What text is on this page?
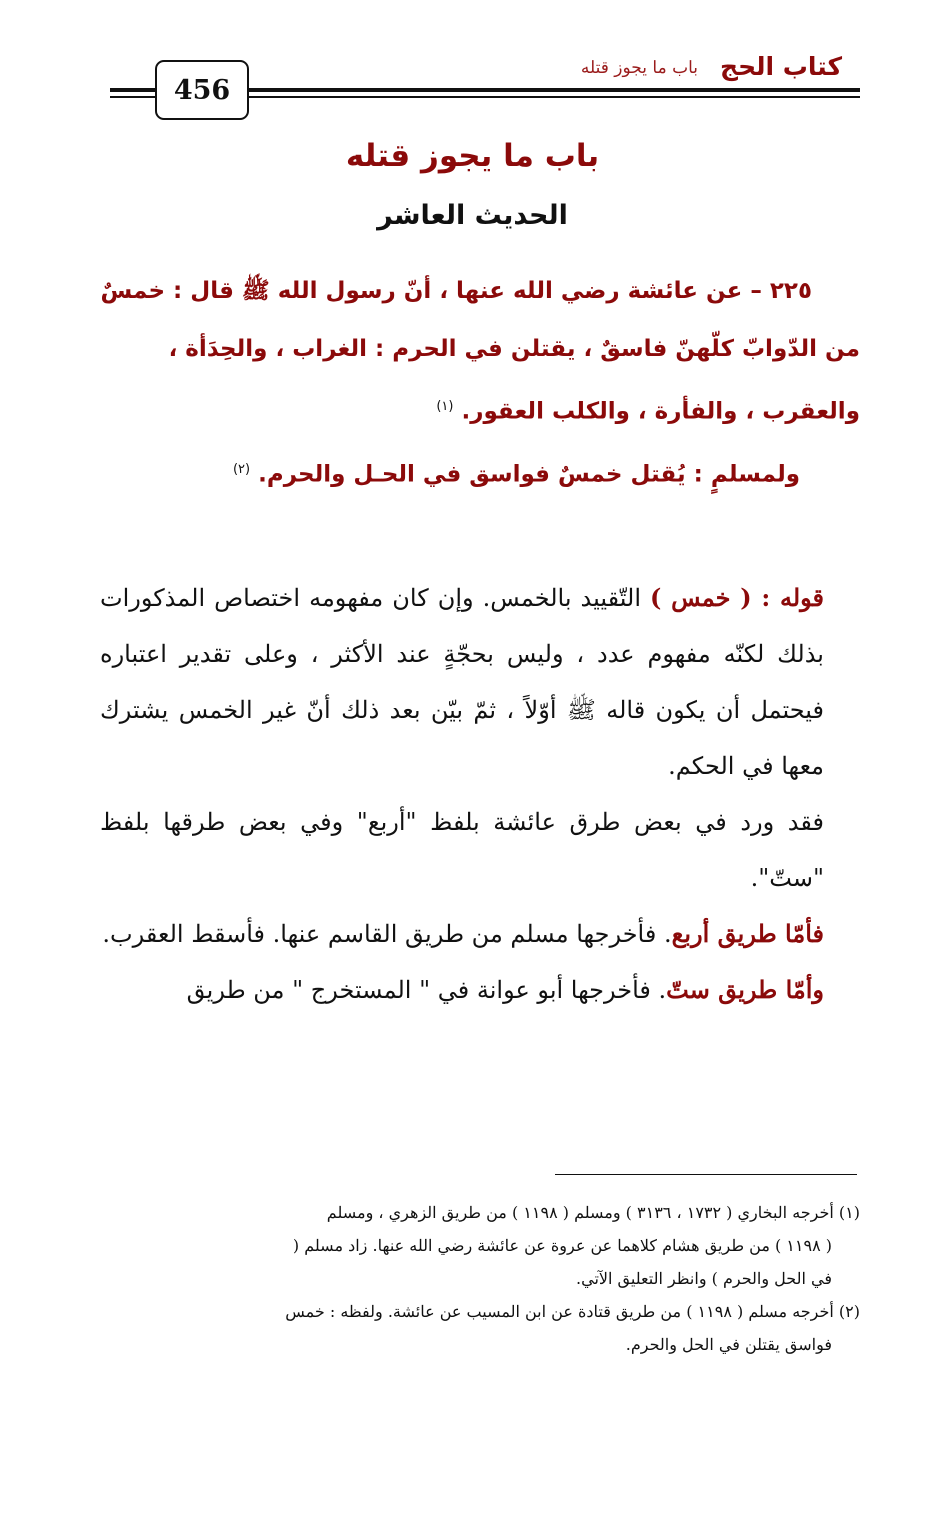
كتاب الحج
باب ما يجوز قتله
456
باب ما يجوز قتله
الحديث العاشر

٢٢٥ – عن عائشة رضي الله عنها ، أنّ رسول الله ﷺ قال : خمسٌ

من الدّوابّ كلّهنّ فاسقٌ ، يقتلن في الحرم : الغراب ، والحِدَأة ،

والعقرب ، والفأرة ، والكلب العقور. $^{(١)}$

ولمسلمٍ : يُقتل خمسٌ فواسق في الحـل والحرم. $^{(٢)}$

قوله : ( خمس ) التّقييد بالخمس. وإن كان مفهومه اختصاص المذكورات بذلك لكنّه مفهوم عدد ، وليس بحجّةٍ عند الأكثر ، وعلى تقدير اعتباره فيحتمل أن يكون قاله ﷺ أوّلاً ، ثمّ بيّن بعد ذلك أنّ غير الخمس يشترك معها في الحكم.

فقد ورد في بعض طرق عائشة بلفظ "أربع" وفي بعض طرقها بلفظ "ستّ".

فأمّا طريق أربع. فأخرجها مسلم من طريق القاسم عنها. فأسقط العقرب.

وأمّا طريق ستّ. فأخرجها أبو عوانة في " المستخرج " من طريق

(١) أخرجه البخاري ( ١٧٣٢ ، ٣١٣٦ ) ومسلم ( ١١٩٨ ) من طريق الزهري ، ومسلم

( ١١٩٨ ) من طريق هشام كلاهما عن عروة عن عائشة رضي الله عنها. زاد مسلم (

في الحل والحرم ) وانظر التعليق الآتي.

(٢) أخرجه مسلم ( ١١٩٨ ) من طريق قتادة عن ابن المسيب عن عائشة. ولفظه : خمس

فواسق يقتلن في الحل والحرم.
